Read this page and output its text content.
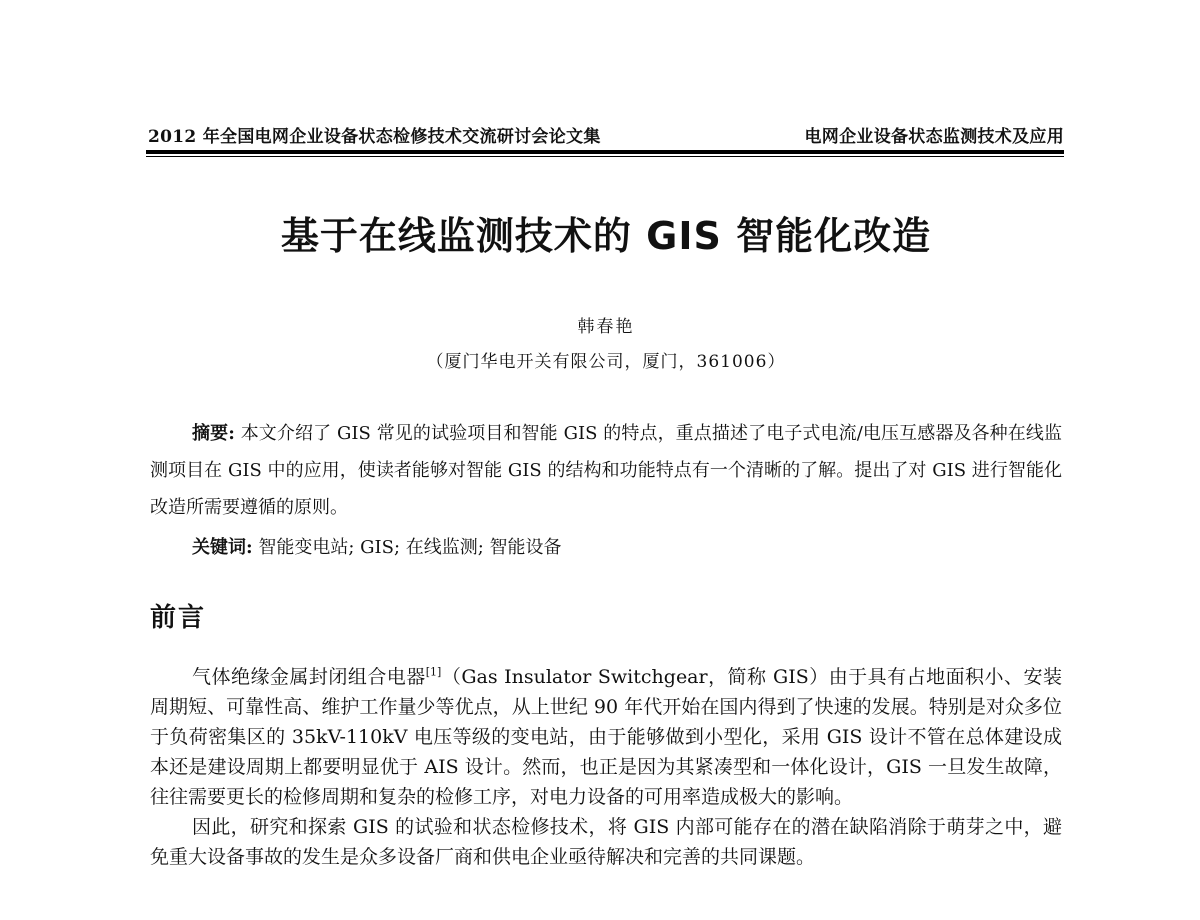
2012 年全国电网企业设备状态检修技术交流研讨会论文集	电网企业设备状态监测技术及应用
基于在线监测技术的 GIS 智能化改造
韩春艳
（厦门华电开关有限公司，厦门，361006）
摘要: 本文介绍了 GIS 常见的试验项目和智能 GIS 的特点，重点描述了电子式电流/电压互感器及各种在线监测项目在 GIS 中的应用，使读者能够对智能 GIS 的结构和功能特点有一个清晰的了解。提出了对 GIS 进行智能化改造所需要遵循的原则。
关键词: 智能变电站; GIS; 在线监测; 智能设备
前言

气体绝缘金属封闭组合电器[1]（Gas Insulator Switchgear，简称 GIS）由于具有占地面积小、安装周期短、可靠性高、维护工作量少等优点，从上世纪 90 年代开始在国内得到了快速的发展。特别是对众多位于负荷密集区的 35kV-110kV 电压等级的变电站，由于能够做到小型化，采用 GIS 设计不管在总体建设成本还是建设周期上都要明显优于 AIS 设计。然而，也正是因为其紧凑型和一体化设计，GIS 一旦发生故障，往往需要更长的检修周期和复杂的检修工序，对电力设备的可用率造成极大的影响。

因此，研究和探索 GIS 的试验和状态检修技术，将 GIS 内部可能存在的潜在缺陷消除于萌芽之中，避免重大设备事故的发生是众多设备厂商和供电企业亟待解决和完善的共同课题。
